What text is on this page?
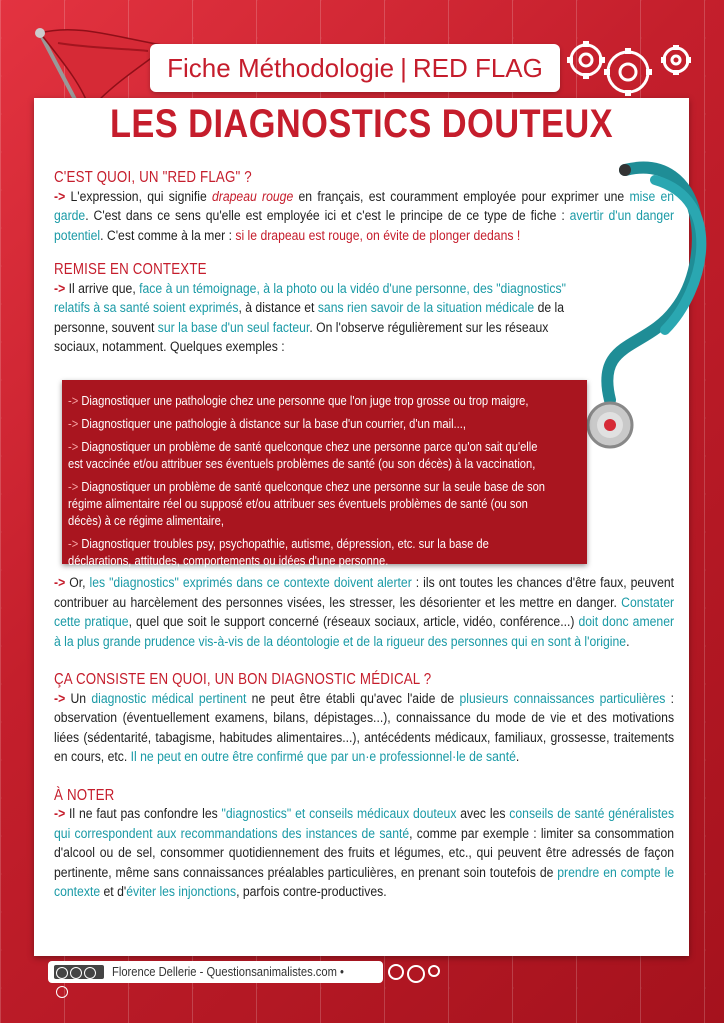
Fiche Méthodologie | RED FLAG
LES DIAGNOSTICS DOUTEUX
C'EST QUOI, UN "RED FLAG" ?

-> L'expression, qui signifie drapeau rouge en français, est couramment employée pour exprimer une mise en garde. C'est dans ce sens qu'elle est employée ici et c'est le principe de ce type de fiche : avertir d'un danger potentiel. C'est comme à la mer : si le drapeau est rouge, on évite de plonger dedans !

REMISE EN CONTEXTE

-> Il arrive que, face à un témoignage, à la photo ou la vidéo d'une personne, des "diagnostics" relatifs à sa santé soient exprimés, à distance et sans rien savoir de la situation médicale de la personne, souvent sur la base d'un seul facteur. On l'observe régulièrement sur les réseaux sociaux, notamment. Quelques exemples :

-> Diagnostiquer une pathologie chez une personne que l'on juge trop grosse ou trop maigre,
-> Diagnostiquer une pathologie à distance sur la base d'un courrier, d'un mail...,
-> Diagnostiquer un problème de santé quelconque chez une personne parce qu'on sait qu'elle est vaccinée et/ou attribuer ses éventuels problèmes de santé (ou son décès) à la vaccination,
-> Diagnostiquer un problème de santé quelconque chez une personne sur la seule base de son régime alimentaire réel ou supposé et/ou attribuer ses éventuels problèmes de santé (ou son décès) à ce régime alimentaire,
-> Diagnostiquer troubles psy, psychopathie, autisme, dépression, etc. sur la base de déclarations, attitudes, comportements ou idées d'une personne.

-> Or, les "diagnostics" exprimés dans ce contexte doivent alerter : ils ont toutes les chances d'être faux, peuvent contribuer au harcèlement des personnes visées, les stresser, les désorienter et les mettre en danger. Constater cette pratique, quel que soit le support concerné (réseaux sociaux, article, vidéo, conférence...) doit donc amener à la plus grande prudence vis-à-vis de la déontologie et de la rigueur des personnes qui en sont à l'origine.

ÇA CONSISTE EN QUOI, UN BON DIAGNOSTIC MÉDICAL ?

-> Un diagnostic médical pertinent ne peut être établi qu'avec l'aide de plusieurs connaissances particulières : observation (éventuellement examens, bilans, dépistages...), connaissance du mode de vie et des motivations liées (sédentarité, tabagisme, habitudes alimentaires...), antécédents médicaux, familiaux, grossesse, traitements en cours, etc. Il ne peut en outre être confirmé que par un·e professionnel·le de santé.

À NOTER

-> Il ne faut pas confondre les "diagnostics" et conseils médicaux douteux avec les conseils de santé généralistes qui correspondent aux recommandations des instances de santé, comme par exemple : limiter sa consommation d'alcool ou de sel, consommer quotidiennement des fruits et légumes, etc., qui peuvent être adressés de façon pertinente, même sans connaissances préalables particulières, en prenant soin toutefois de prendre en compte le contexte et d'éviter les injonctions, parfois contre-productives.

Florence Dellerie - Questionsanimalistes.com •
